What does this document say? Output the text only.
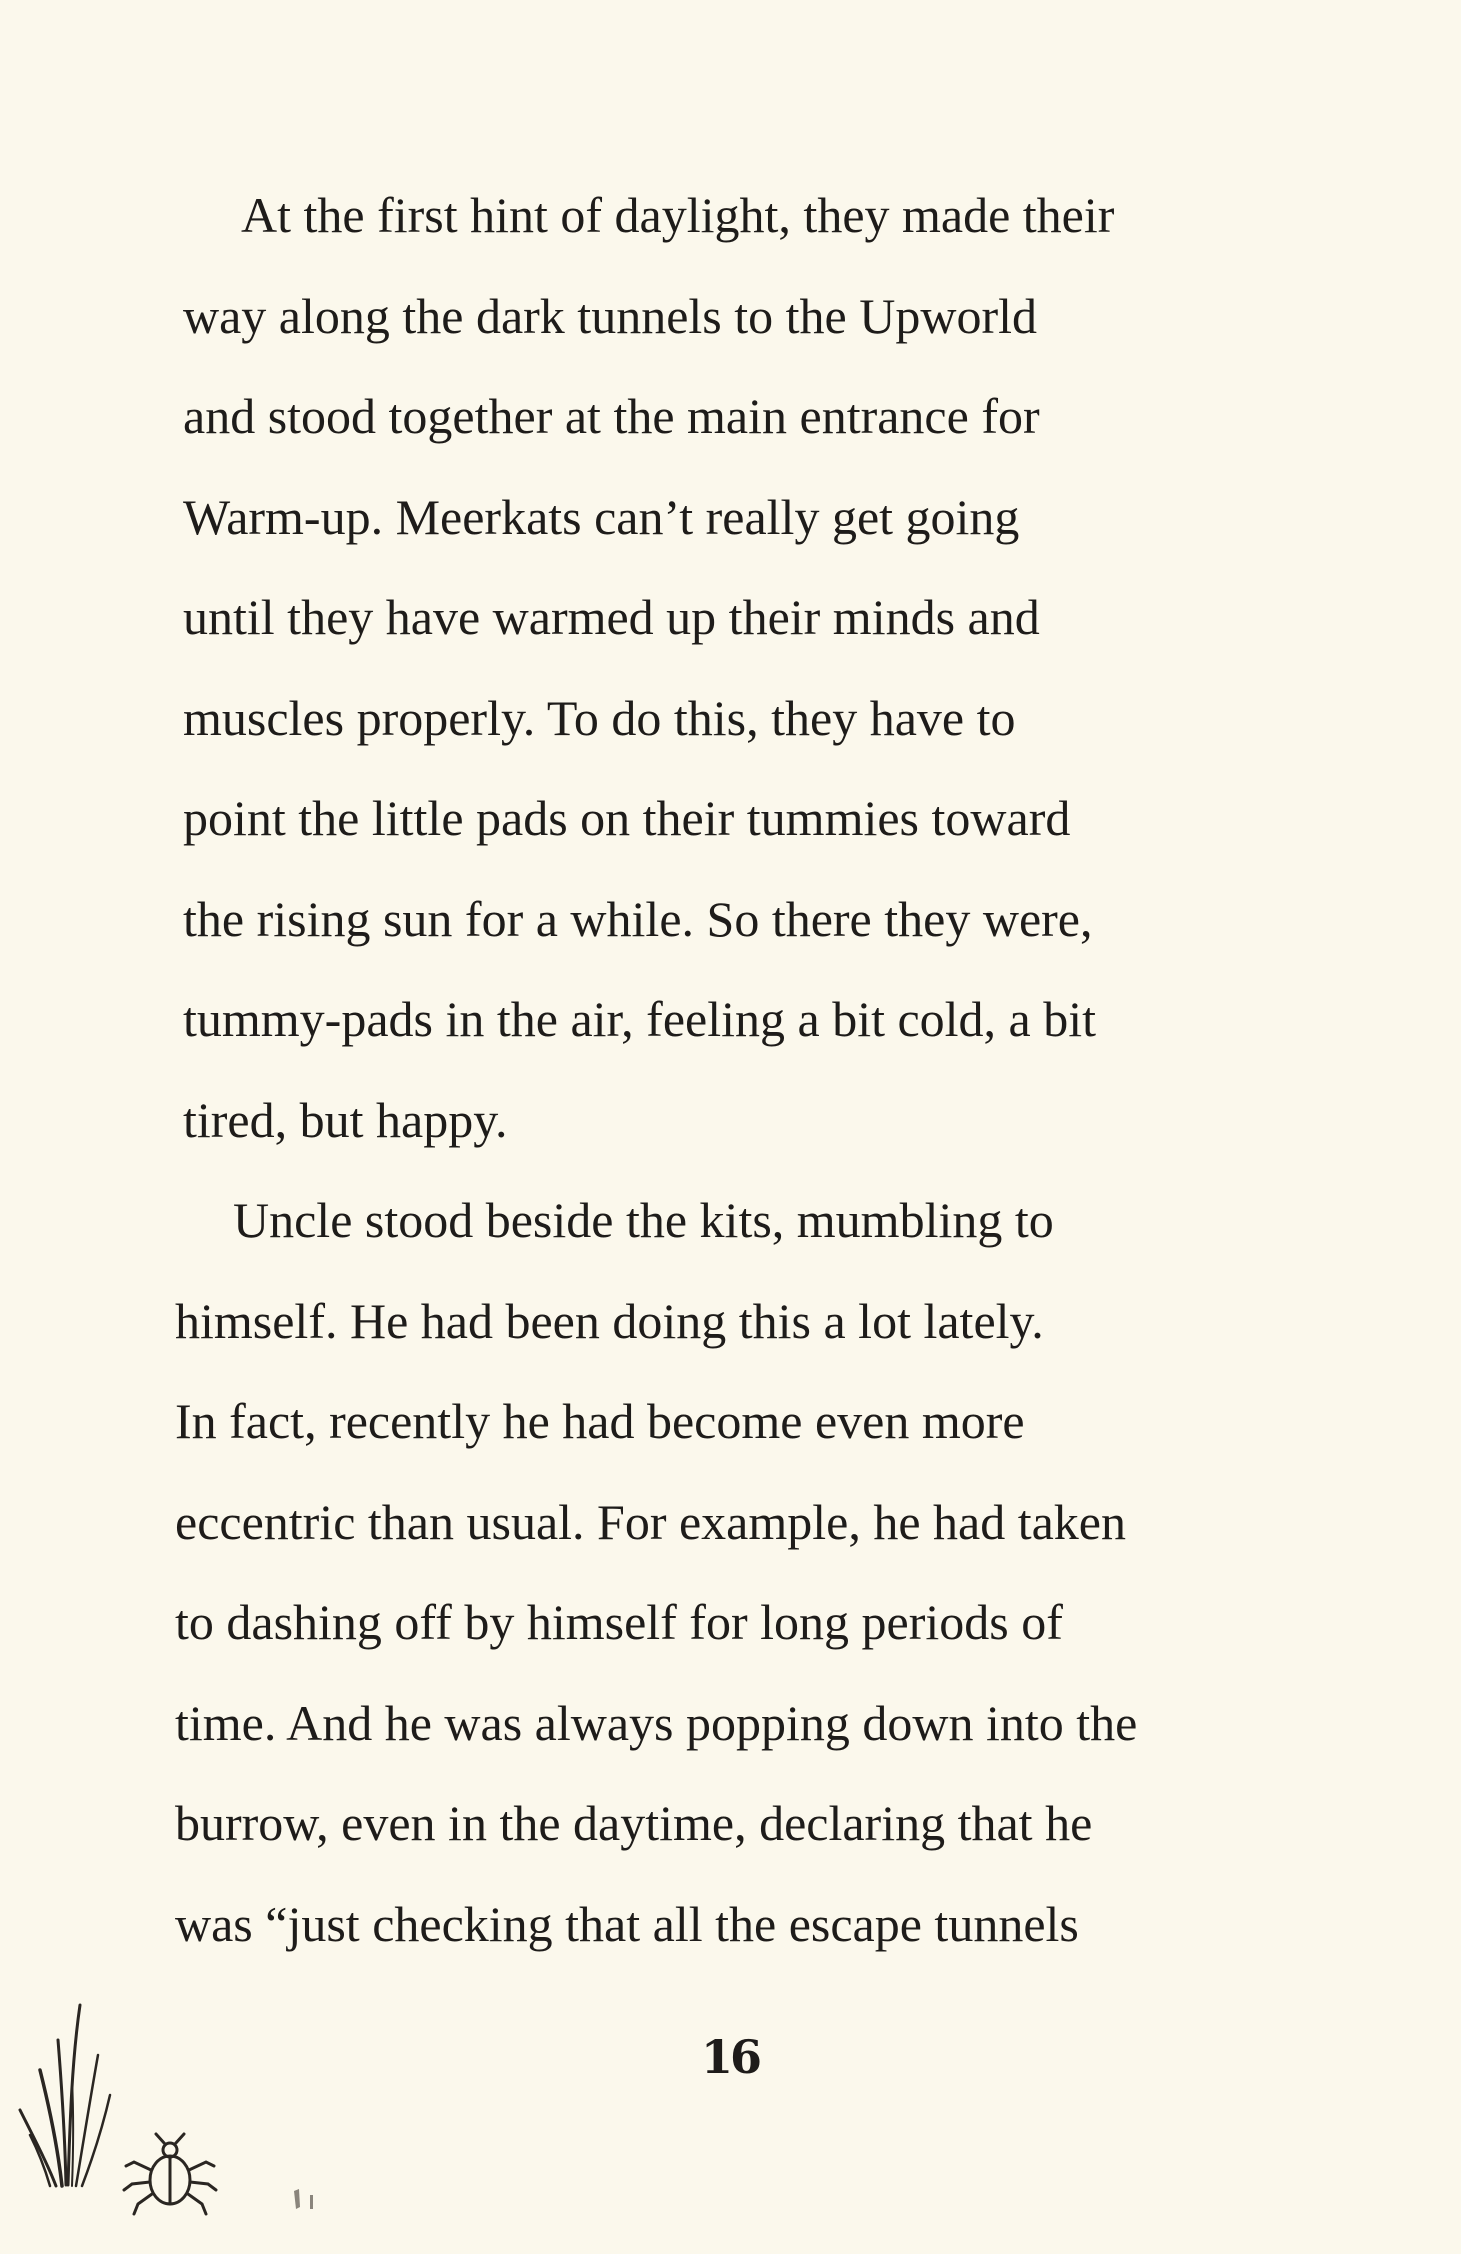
At the first hint of daylight, they made their
way along the dark tunnels to the Upworld
and stood together at the main entrance for
Warm-up. Meerkats can’t really get going
until they have warmed up their minds and
muscles properly. To do this, they have to
point the little pads on their tummies toward
the rising sun for a while. So there they were,
tummy-pads in the air, feeling a bit cold, a bit
tired, but happy.

Uncle stood beside the kits, mumbling to
himself. He had been doing this a lot lately.
In fact, recently he had become even more
eccentric than usual. For example, he had taken
to dashing off by himself for long periods of
time. And he was always popping down into the
burrow, even in the daytime, declaring that he
was “just checking that all the escape tunnels

16
